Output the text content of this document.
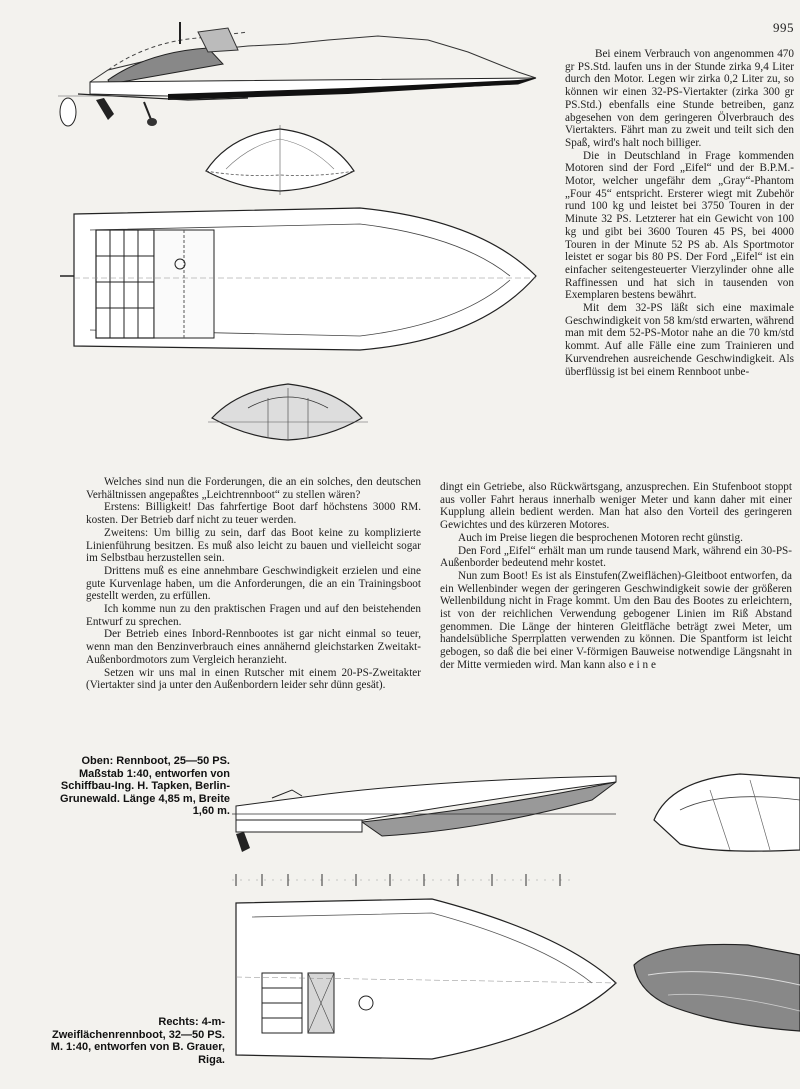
995

Bei einem Verbrauch von angenommen 470 gr PS.Std. laufen uns in der Stunde zirka 9,4 Liter durch den Motor. Legen wir zirka 0,2 Liter zu, so können wir einen 32-PS-Viertakter (zirka 300 gr PS.Std.) ebenfalls eine Stunde betreiben, ganz abgesehen von dem geringeren Ölverbrauch des Viertakters. Fährt man zu zweit und teilt sich den Spaß, wird's halt noch billiger.

Die in Deutschland in Frage kommenden Motoren sind der Ford „Eifel“ und der B.P.M.-Motor, welcher ungefähr dem „Gray“-Phantom „Four 45“ entspricht. Ersterer wiegt mit Zubehör rund 100 kg und leistet bei 3750 Touren in der Minute 32 PS. Letzterer hat ein Gewicht von 100 kg und gibt bei 3600 Touren 45 PS, bei 4000 Touren in der Minute 52 PS ab. Als Sportmotor leistet er sogar bis 80 PS. Der Ford „Eifel“ ist ein einfacher seitengesteuerter Vierzylinder ohne alle Raffinessen und hat sich in tausenden von Exemplaren bestens bewährt.

Mit dem 32-PS läßt sich eine maximale Geschwindigkeit von 58 km/std erwarten, während man mit dem 52-PS-Motor nahe an die 70 km/std kommt. Auf alle Fälle eine zum Trainieren und Kurvendrehen ausreichende Geschwindigkeit. Als überflüssig ist bei einem Rennboot unbe-

Welches sind nun die Forderungen, die an ein solches, den deutschen Verhältnissen angepaßtes „Leichtrennboot“ zu stellen wären?

Erstens: Billigkeit! Das fahrfertige Boot darf höchstens 3000 RM. kosten. Der Betrieb darf nicht zu teuer werden.

Zweitens: Um billig zu sein, darf das Boot keine zu komplizierte Linienführung besitzen. Es muß also leicht zu bauen und vielleicht sogar im Selbstbau herzustellen sein.

Drittens muß es eine annehmbare Geschwindigkeit erzielen und eine gute Kurvenlage haben, um die Anforderungen, die an ein Trainingsboot gestellt werden, zu erfüllen.

Ich komme nun zu den praktischen Fragen und auf den beistehenden Entwurf zu sprechen.

Der Betrieb eines Inbord-Rennbootes ist gar nicht einmal so teuer, wenn man den Benzinverbrauch eines annähernd gleichstarken Zweitakt-Außenbordmotors zum Vergleich heranzieht.

Setzen wir uns mal in einen Rutscher mit einem 20-PS-Zweitakter (Viertakter sind ja unter den Außenbordern leider sehr dünn gesät).

dingt ein Getriebe, also Rückwärtsgang, anzusprechen. Ein Stufenboot stoppt aus voller Fahrt heraus innerhalb weniger Meter und kann daher mit einer Kupplung allein bedient werden. Man hat also den Vorteil des geringeren Gewichtes und des kürzeren Motores.

Auch im Preise liegen die besprochenen Motoren recht günstig.

Den Ford „Eifel“ erhält man um runde tausend Mark, während ein 30-PS-Außenborder bedeutend mehr kostet.

Nun zum Boot! Es ist als Einstufen(Zweiflächen)-Gleitboot entworfen, da ein Wellenbinder wegen der geringeren Geschwindigkeit sowie der größeren Wellenbildung nicht in Frage kommt. Um den Bau des Bootes zu erleichtern, ist von der reichlichen Verwendung gebogener Linien im Riß Abstand genommen. Die Länge der hinteren Gleitfläche beträgt zwei Meter, um handelsübliche Sperrplatten verwenden zu können. Die Spantform ist leicht gebogen, so daß die bei einer V-förmigen Bauweise notwendige Längsnaht in der Mitte vermieden wird. Man kann also e i n e

Oben: Rennboot, 25—50 PS. Maßstab 1:40, entworfen von Schiffbau-Ing. H. Tapken, Berlin-Grunewald. Länge 4,85 m, Breite 1,60 m.
Rechts: 4-m-Zweiflächenrennboot, 32—50 PS. M. 1:40, entworfen von B. Grauer, Riga.
